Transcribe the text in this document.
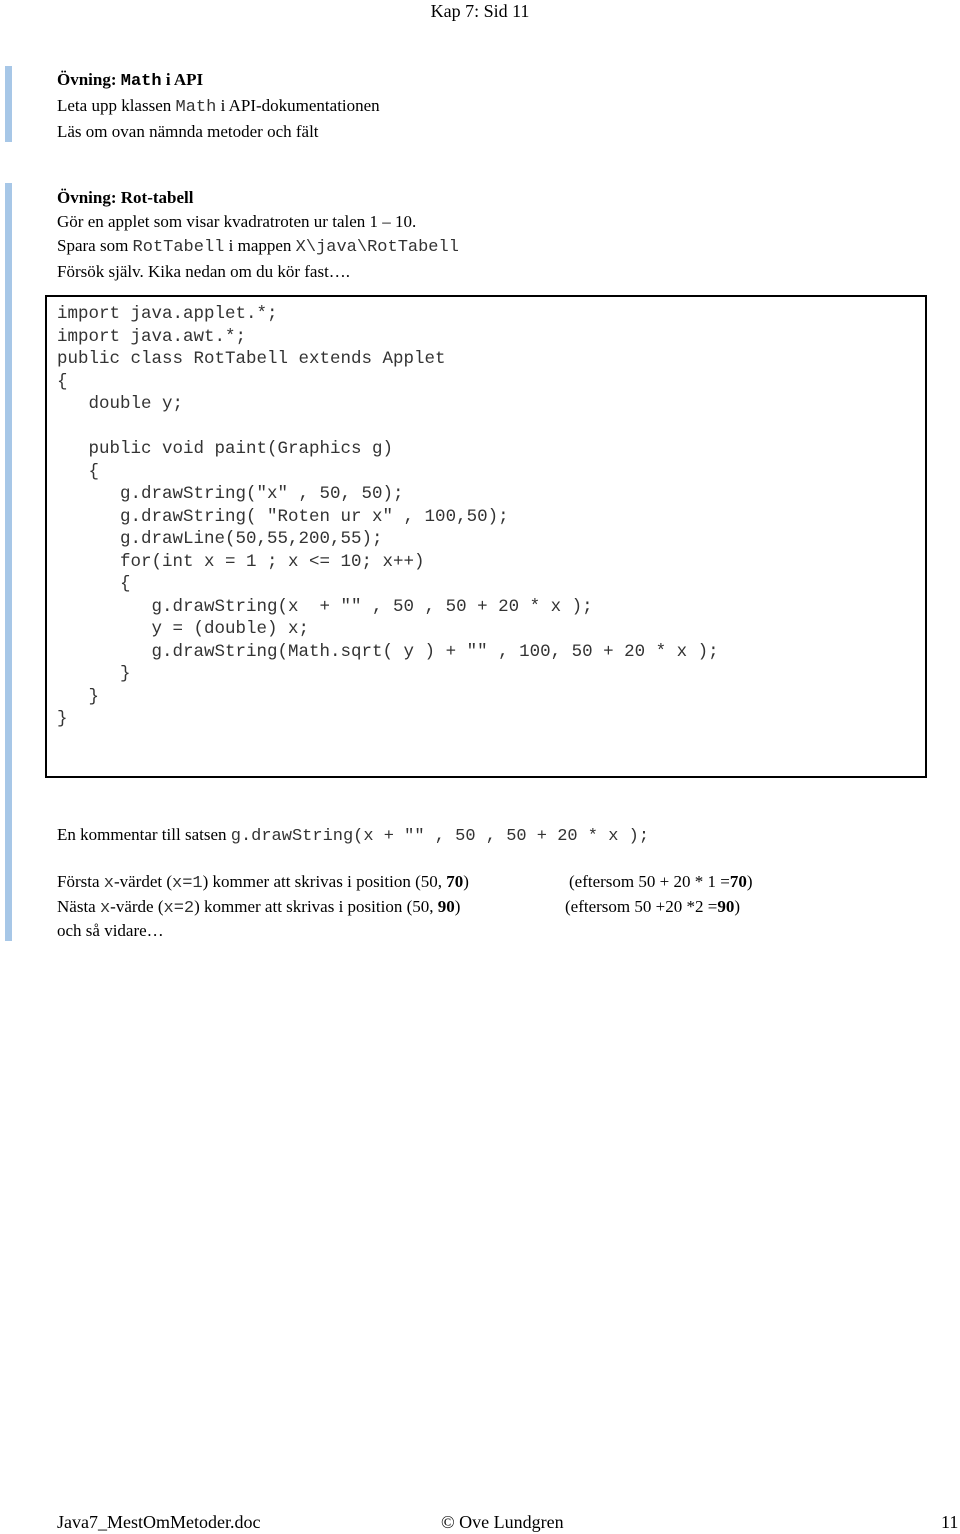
Kap 7: Sid 11
Övning: Math i API
Leta upp klassen Math i API-dokumentationen
Läs om ovan nämnda metoder och fält
Övning: Rot-tabell
Gör en applet som visar kvadratroten ur talen 1 – 10.
Spara som RotTabell i mappen X\java\RotTabell
Försök själv. Kika nedan om du kör fast….
import java.applet.*;
import java.awt.*;
public class RotTabell extends Applet
{
double y;

public void paint(Graphics g)
{
g.drawString("x" , 50, 50);
g.drawString( "Roten ur x" , 100,50);
g.drawLine(50,55,200,55);
for(int x = 1 ; x <= 10; x++)
{
g.drawString(x  + "" , 50 , 50 + 20 * x );
y = (double) x;
g.drawString(Math.sqrt( y ) + "" , 100, 50 + 20 * x );
}
}
}
En kommentar till satsen g.drawString(x + "" , 50 , 50 + 20 * x );
Första x-värdet (x=1) kommer att skrivas i position (50, 70)	(eftersom 50 + 20 * 1 =70)
Nästa x-värde (x=2) kommer att skrivas i position (50, 90)	(eftersom 50 +20 *2 =90)
och så vidare…
Java7_MestOmMetoder.doc	© Ove Lundgren	11
